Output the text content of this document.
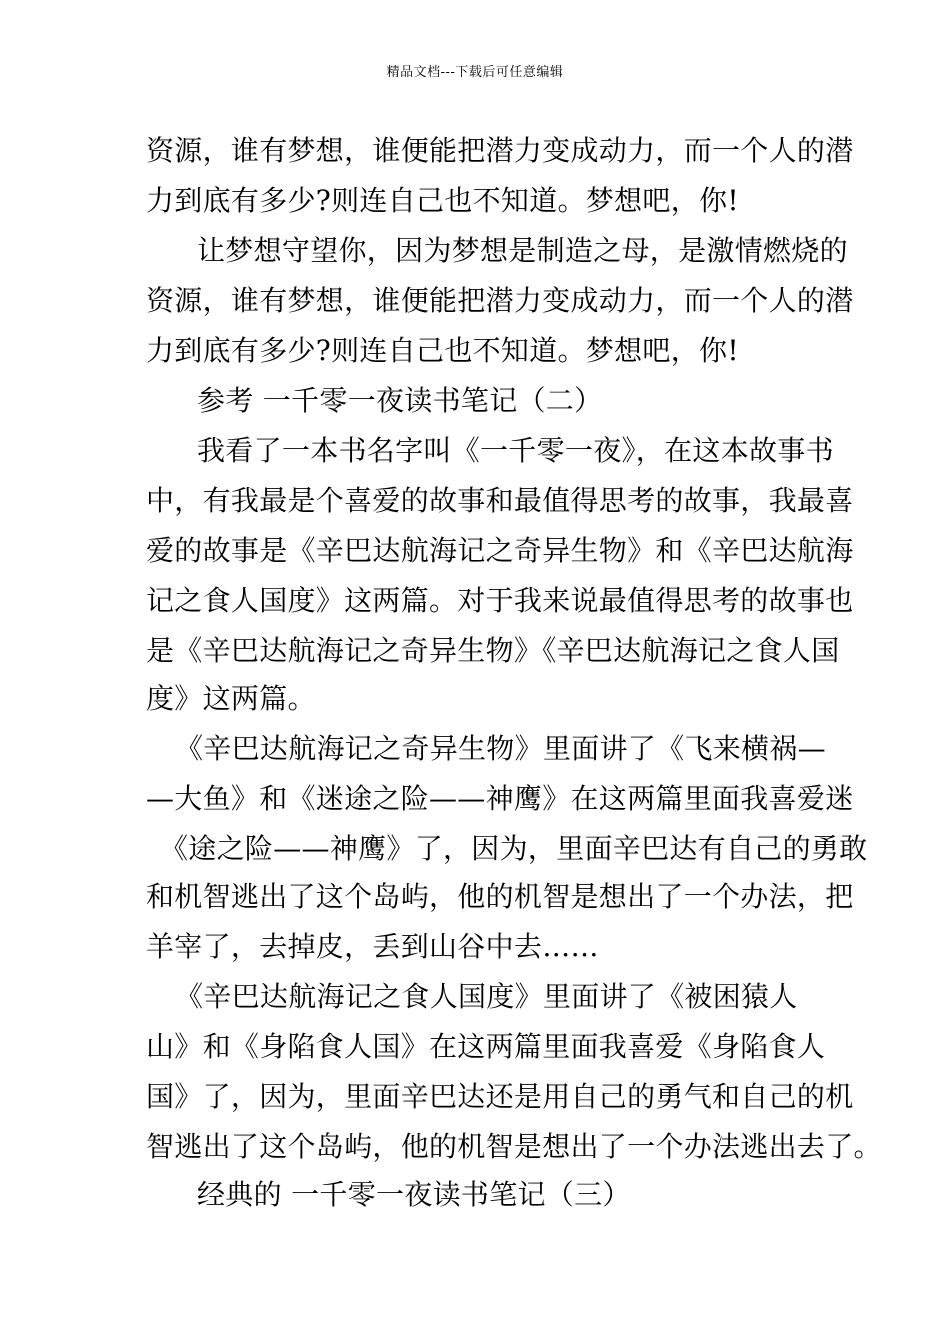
精品文档---下载后可任意编辑
资源，谁有梦想，谁便能把潜力变成动力，而一个人的潜
力到底有多少?则连自己也不知道。梦想吧，你!
让梦想守望你，因为梦想是制造之母，是激情燃烧的
资源，谁有梦想，谁便能把潜力变成动力，而一个人的潜
力到底有多少?则连自己也不知道。梦想吧，你!
参考 一千零一夜读书笔记（二）
我看了一本书名字叫《一千零一夜》，在这本故事书
中，有我最是个喜爱的故事和最值得思考的故事，我最喜
爱的故事是《辛巴达航海记之奇异生物》和《辛巴达航海
记之食人国度》这两篇。对于我来说最值得思考的故事也
是《辛巴达航海记之奇异生物》《辛巴达航海记之食人国
度》这两篇。
《辛巴达航海记之奇异生物》里面讲了《飞来横祸—
—大鱼》和《迷途之险——神鹰》在这两篇里面我喜爱迷
《途之险——神鹰》了，因为，里面辛巴达有自己的勇敢
和机智逃出了这个岛屿，他的机智是想出了一个办法，把
羊宰了，去掉皮，丢到山谷中去……
《辛巴达航海记之食人国度》里面讲了《被困猿人
山》和《身陷食人国》在这两篇里面我喜爱《身陷食人
国》了，因为，里面辛巴达还是用自己的勇气和自己的机
智逃出了这个岛屿，他的机智是想出了一个办法逃出去了。
经典的 一千零一夜读书笔记（三）
